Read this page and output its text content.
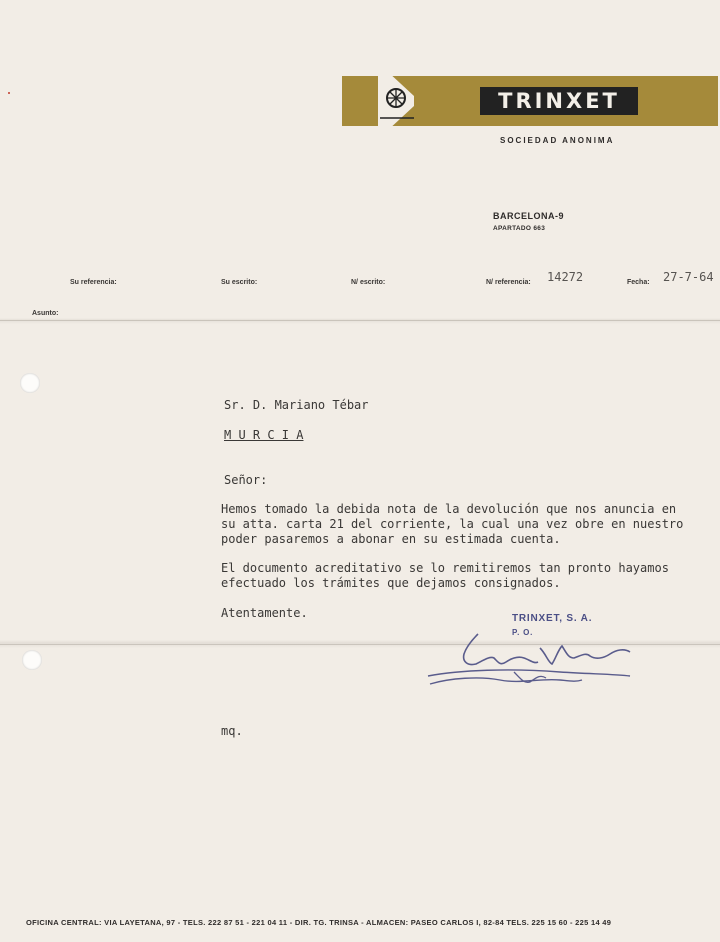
TRINXET
SOCIEDAD ANONIMA
BARCELONA-9
APARTADO 663
Su referencia:	Su escrito:	N/ escrito:	N/ referencia: 14272	Fecha: 27-7-64
Asunto:
Sr. D. Mariano Tébar
M U R C I A
Señor:
Hemos tomado la debida nota de la devolución que nos anuncia en
su atta. carta 21 del corriente, la cual una vez obre en nuestro
poder pasaremos a abonar en su estimada cuenta.
El documento acreditativo se lo remitiremos tan pronto hayamos
efectuado los trámites que dejamos consignados.
Atentamente.	TRINXET, S. A.
P. O.
mq.
OFICINA CENTRAL: VIA LAYETANA, 97 - TELS. 222 87 51 - 221 04 11 - DIR. TG. TRINSA - ALMACEN: PASEO CARLOS I, 82-84 TELS. 225 15 60 - 225 14 49
